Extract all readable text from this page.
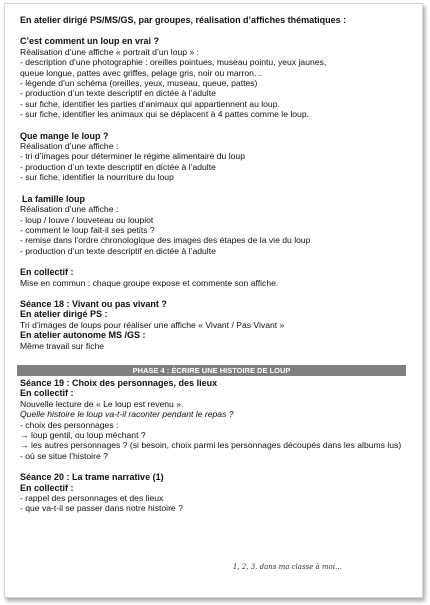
En atelier dirigé PS/MS/GS, par groupes, réalisation d’affiches thématiques :
C’est comment un loup en vrai ?
Réalisation d’une affiche « portrait d’un loup » :
- description d’une photographie : oreilles pointues, museau pointu, yeux jaunes,
queue longue, pattes avec griffes, pelage gris, noir ou marron…
- légende d’un schéma (oreilles, yeux, museau, queue, pattes)
- production d’un texte descriptif en dictée à l’adulte
- sur fiche, identifier les parties d’animaux qui appartiennent au loup.
- sur fiche, identifier les animaux qui se déplacent à 4 pattes comme le loup.
Que mange le loup ?
Réalisation d’une affiche :
- tri d’images pour déterminer le régime alimentaire du loup
- production d’un texte descriptif en dictée à l’adulte
- sur fiche, identifier la nourriture du loup
La famille loup
Réalisation d’une affiche :
- loup / louve / louveteau ou loupiot
- comment le loup fait-il ses petits ?
- remise dans l’ordre chronologique des images des étapes de la vie du loup
- production d’un texte descriptif en dictée à l’adulte
En collectif :
Mise en commun : chaque groupe expose et commente son affiche.
Séance 18 : Vivant ou pas vivant ?
En atelier dirigé PS :
Tri d’images de loups pour réaliser une affiche « Vivant / Pas Vivant »
En atelier autonome MS /GS :
Même travail sur fiche
PHASE 4 : ÉCRIRE UNE HISTOIRE DE LOUP
Séance 19 : Choix des personnages, des lieux
En collectif :
Nouvelle lecture de « Le loup est revenu ».
Quelle histoire le loup va-t-il raconter pendant le repas ?
- choix des personnages :
→ loup gentil, ou loup méchant ?
→ les autres personnages ? (si besoin, choix parmi les personnages découpés dans les albums lus)
- où se situe l’histoire ?
Séance 20 : La trame narrative (1)
En collectif :
- rappel des personnages et des lieux
- que va-t-il se passer dans notre histoire ?
1, 2, 3, dans ma classe à moi…
